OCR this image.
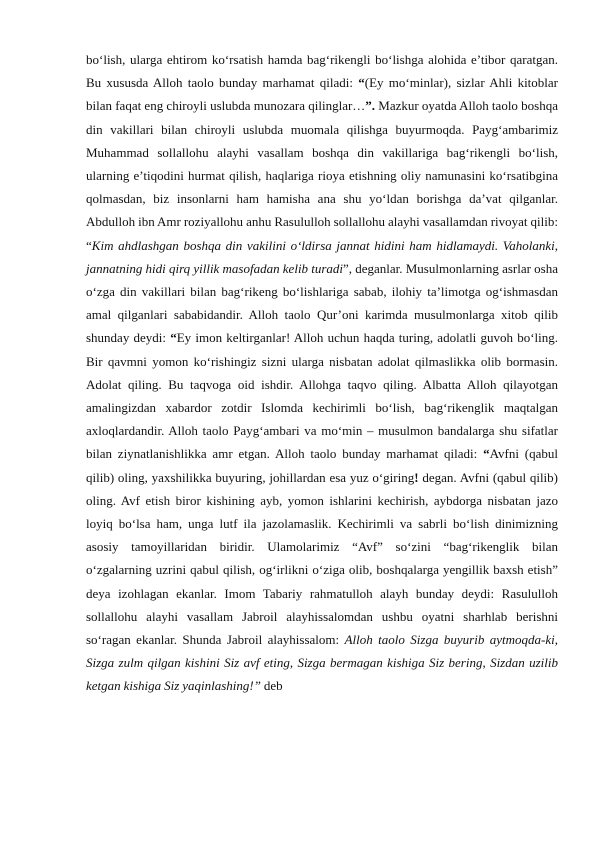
bo‘lish, ularga ehtirom ko‘rsatish hamda bag‘rikengli bo‘lishga alohida e’tibor qaratgan. Bu xususda Alloh taolo bunday marhamat qiladi: “(Ey mo‘minlar), sizlar Ahli kitoblar bilan faqat eng chiroyli uslubda munozara qilinglar…”. Mazkur oyatda Alloh taolo boshqa din vakillari bilan chiroyli uslubda muomala qilishga buyurmoqda. Payg‘ambarimiz Muhammad sollallohu alayhi vasallam boshqa din vakillariga bag‘rikengli bo‘lish, ularning e’tiqodini hurmat qilish, haqlariga rioya etishning oliy namunasini ko‘rsatibgina qolmasdan, biz insonlarni ham hamisha ana shu yo‘ldan borishga da’vat qilganlar. Abdulloh ibn Amr roziyallohu anhu Rasululloh sollallohu alayhi vasallamdan rivoyat qilib: “Kim ahdlashgan boshqa din vakilini o‘ldirsa jannat hidini ham hidlamaydi. Vaholanki, jannatning hidi qirq yillik masofadan kelib turadi”, deganlar. Musulmonlarning asrlar osha o‘zga din vakillari bilan bag‘rikeng bo‘lishlariga sabab, ilohiy ta’limotga og‘ishmasdan amal qilganlari sababidandir. Alloh taolo Qur’oni karimda musulmonlarga xitob qilib shunday deydi: “Ey imon keltirganlar! Alloh uchun haqda turing, adolatli guvoh bo‘ling. Bir qavmni yomon ko‘rishingiz sizni ularga nisbatan adolat qilmaslikka olib bormasin. Adolat qiling. Bu taqvoga oid ishdir. Allohga taqvo qiling. Albatta Alloh qilayotgan amalingizdan xabardor zotdir Islomda kechirimli bo‘lish, bag‘rikenglik maqtalgan axloqlardandir. Alloh taolo Payg‘ambari va mo‘min – musulmon bandalarga shu sifatlar bilan ziynatlanishlikka amr etgan. Alloh taolo bunday marhamat qiladi: “Avfni (qabul qilib) oling, yaxshilikka buyuring, johillardan esa yuz o‘giring! degan. Avfni (qabul qilib) oling. Avf etish biror kishining ayb, yomon ishlarini kechirish, aybdorga nisbatan jazo loyiq bo‘lsa ham, unga lutf ila jazolamaslik. Kechirimli va sabrli bo‘lish dinimizning asosiy tamoyillaridan biridir. Ulamolarimiz “Avf” so‘zini “bag‘rikenglik bilan o‘zgalarning uzrini qabul qilish, og‘irlikni o‘ziga olib, boshqalarga yengillik baxsh etish” deya izohlagan ekanlar. Imom Tabariy rahmatulloh alayh bunday deydi: Rasululloh sollallohu alayhi vasallam Jabroil alayhissalomdan ushbu oyatni sharhlab berishni so‘ragan ekanlar. Shunda Jabroil alayhissalom: Alloh taolo Sizga buyurib aytmoqda-ki, Sizga zulm qilgan kishini Siz avf eting, Sizga bermagan kishiga Siz bering, Sizdan uzilib ketgan kishiga Siz yaqinlashing!” deb
